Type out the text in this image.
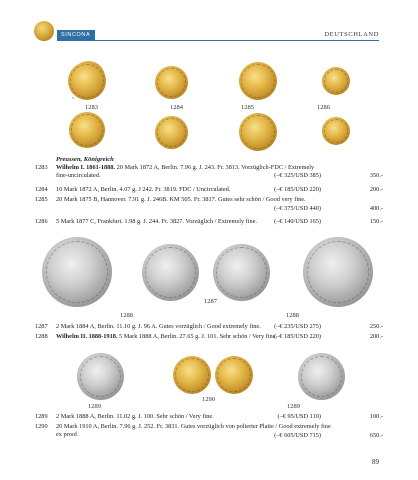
SINCONA	DEUTSCHLAND
1283	1284	1285	1286
Preussen, Königreich
1283	Wilhelm I. 1861-1888. 20 Mark 1872 A, Berlin. 7.96 g. J. 243. Fr. 3813. Vorzüglich-FDC / Extremely
fine-uncirculated.	(–€ 325/USD 385)	350.-
1284	10 Mark 1872 A, Berlin. 4.07 g. J 242. Fr. 3819. FDC / Uncirculated.	(–€ 185/USD 220)	200.-
1285	20 Mark 1875 B, Hannover. 7.91 g. J. 246B. KM 505. Fr. 3817. Gutes sehr schön / Good very fine.
(–€ 375/USD 440)	400.-
1286	5 Mark 1877 C, Frankfurt. 1.98 g. J. 244. Fr. 3827. Vorzüglich / Extremely fine.	(–€ 140/USD 165)	150.-
1287
1288	1288
1287	2 Mark 1884 A, Berlin. 11.10 g. J. 96 A. Gutes vorzüglich / Good extremely fine.	(–€ 235/USD 275)	250.-
1288	Wilhelm II. 1888-1918. 5 Mark 1888 A, Berlin. 27.65 g. J. 101. Sehr schön / Very fine.
(–€ 185/USD 220)	200.-
1290
1289	1289
1289	2 Mark 1888 A, Berlin. 11.02 g. J. 100. Sehr schön / Very fine.	(–€ 95/USD 110)	100.-
1290	20 Mark 1910 A, Berlin. 7.96 g. J. 252. Fr. 3831. Gutes vorzüglich von polierter Platte / Good extremely fine
ex proof.	(–€ 605/USD 715)	650.-
89
